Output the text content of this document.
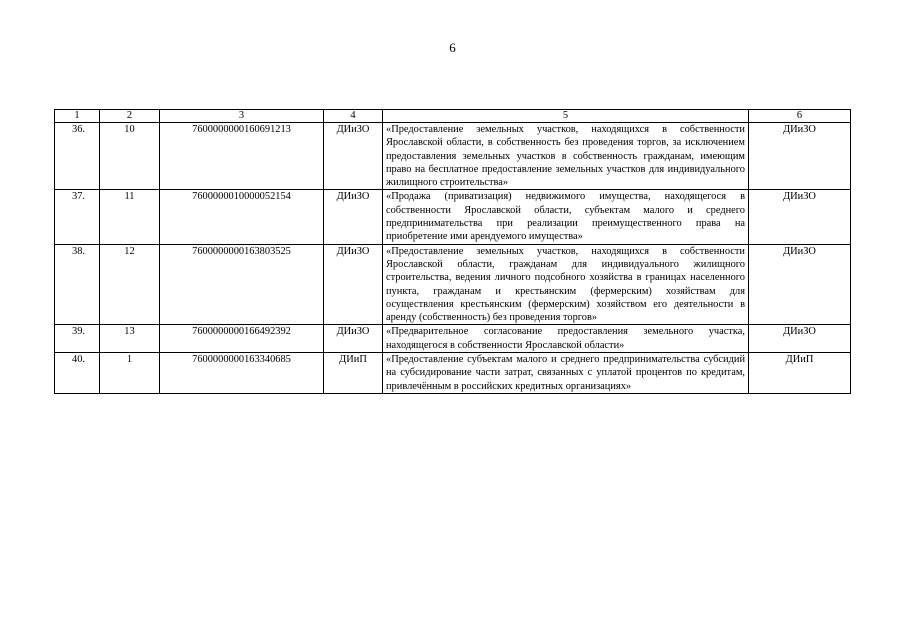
6
1	2	3	4	5	6
36.	10	7600000000160691213	ДИиЗО	«Предоставление земельных участков, находящихся в собственности Ярославской области, в собственность без проведения торгов, за исключением предоставления земельных участков в собственность гражданам, имеющим право на бесплатное предоставление земельных участков для индивидуального жилищного строительства»	ДИиЗО
37.	11	7600000010000052154	ДИиЗО	«Продажа (приватизация) недвижимого имущества, находящегося в собственности Ярославской области, субъектам малого и среднего предпринимательства при реализации преимущественного права на приобретение ими арендуемого имущества»	ДИиЗО
38.	12	7600000000163803525	ДИиЗО	«Предоставление земельных участков, находящихся в собственности Ярославской области, гражданам для индивидуального жилищного строительства, ведения личного подсобного хозяйства в границах населенного пункта, гражданам и крестьянским (фермерским) хозяйствам для осуществления крестьянским (фермерским) хозяйством его деятельности в аренду (собственность) без проведения торгов»	ДИиЗО
39.	13	7600000000166492392	ДИиЗО	«Предварительное согласование предоставления земельного участка, находящегося в собственности Ярославской области»	ДИиЗО
40.	1	7600000000163340685	ДИиП	«Предоставление субъектам малого и среднего предпринимательства субсидий на субсидирование части затрат, связанных с уплатой процентов по кредитам, привлечённым в российских кредитных организациях»	ДИиП
